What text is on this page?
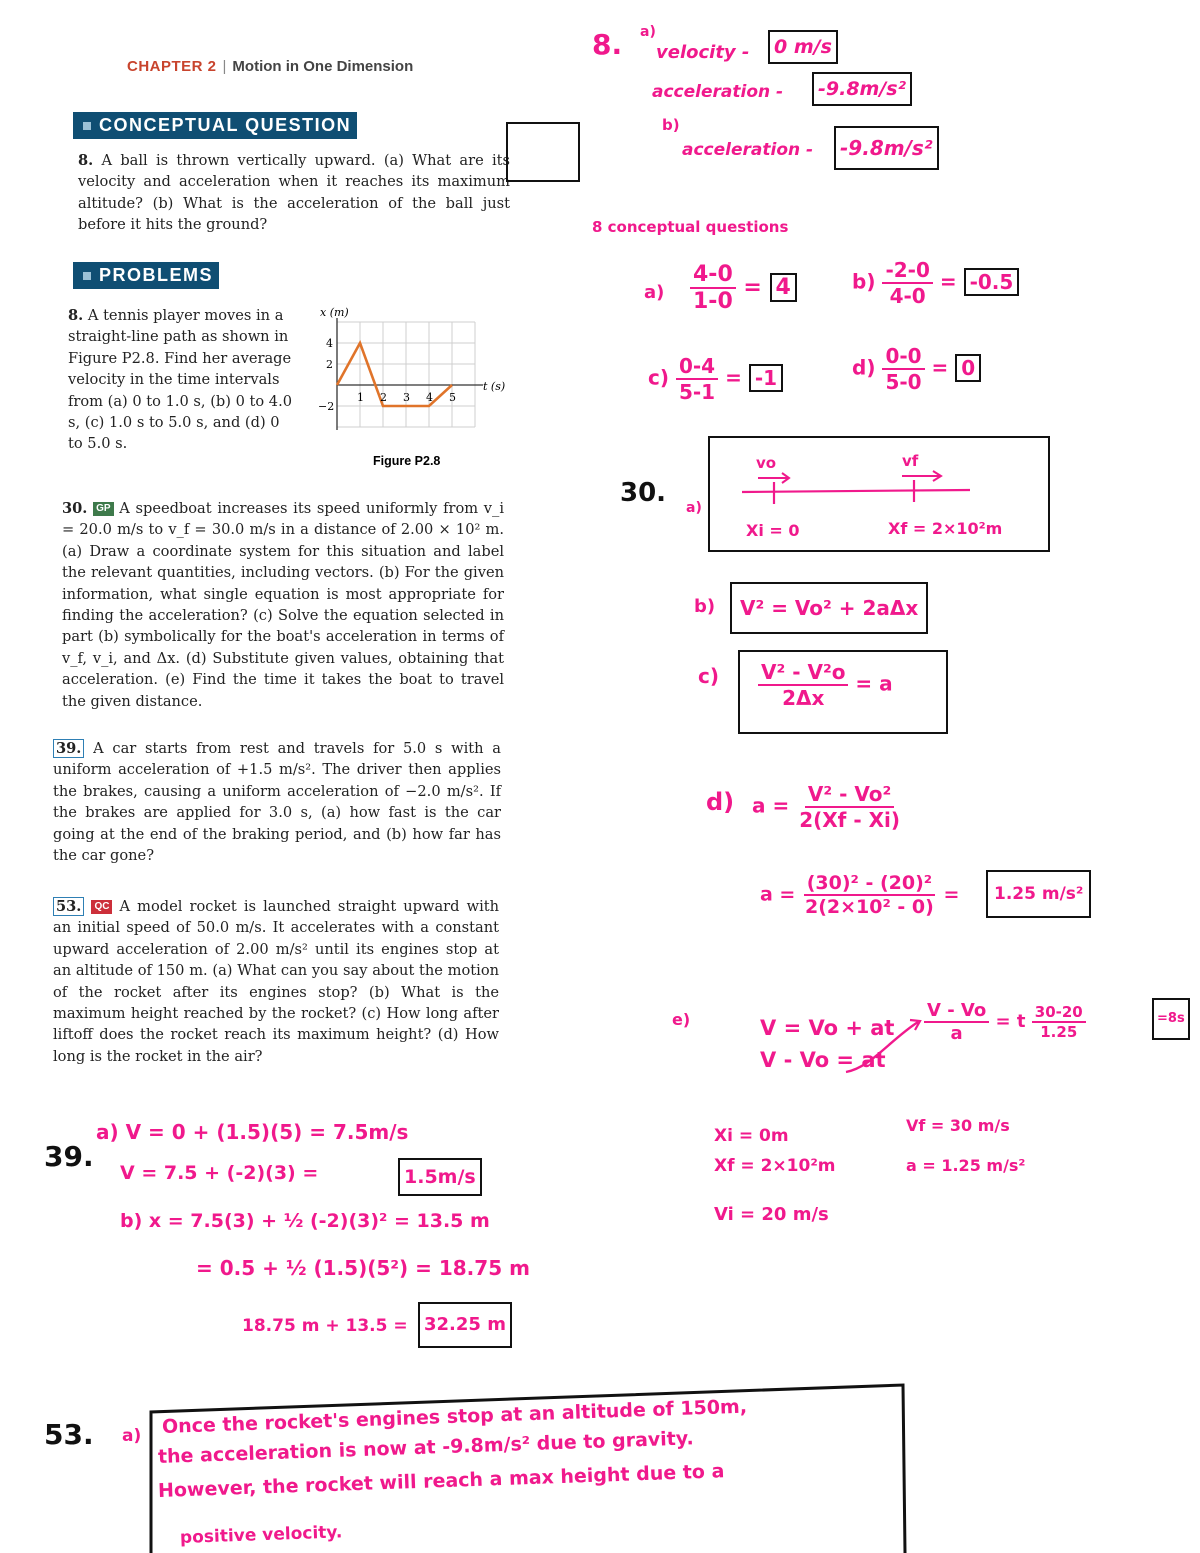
CHAPTER 2 | Motion in One Dimension
CONCEPTUAL QUESTION
8. A ball is thrown vertically upward. (a) What are its velocity and acceleration when it reaches its maximum altitude? (b) What is the acceleration of the ball just before it hits the ground?
PROBLEMS
8. A tennis player moves in a straight-line path as shown in Figure P2.8. Find her average velocity in the time intervals from (a) 0 to 1.0 s, (b) 0 to 4.0 s, (c) 1.0 s to 5.0 s, and (d) 0 to 5.0 s.
x (m)
t (s)
4
2
−2
1 2 3 4 5
Figure P2.8
30. GP A speedboat increases its speed uniformly from v_i = 20.0 m/s to v_f = 30.0 m/s in a distance of 2.00 × 10² m. (a) Draw a coordinate system for this situation and label the relevant quantities, including vectors. (b) For the given information, what single equation is most appropriate for finding the acceleration? (c) Solve the equation selected in part (b) symbolically for the boat's acceleration in terms of v_f, v_i, and Δx. (d) Substitute given values, obtaining that acceleration. (e) Find the time it takes the boat to travel the given distance.
39. A car starts from rest and travels for 5.0 s with a uniform acceleration of +1.5 m/s². The driver then applies the brakes, causing a uniform acceleration of −2.0 m/s². If the brakes are applied for 3.0 s, (a) how fast is the car going at the end of the braking period, and (b) how far has the car gone?
53. QC A model rocket is launched straight upward with an initial speed of 50.0 m/s. It accelerates with a constant upward acceleration of 2.00 m/s² until its engines stop at an altitude of 150 m. (a) What can you say about the motion of the rocket after its engines stop? (b) What is the maximum height reached by the rocket? (c) How long after liftoff does the rocket reach its maximum height? (d) How long is the rocket in the air?
8. a)
velocity -	0 m/s
acceleration -	-9.8m/s²
b)
acceleration -	-9.8m/s²
8 conceptual questions
$a) \frac{4-0}{1-0} = 4$	$b) \frac{-2-0}{4-0} = -0.5$
$c) \frac{0-4}{5-1} = -1$	$d) \frac{0-0}{5-0} = 0$
30. a)
vo	vf
Xi = 0	Xf = 2×10²m
b)	V² = Vo² + 2aΔx
$c) \frac{\text{V² - V²o}}{2\Delta x} = a$
d) $a = \frac{\text{V² - Vo²}}{2(Xf - Xi)}$
$a = \frac{\text{(30)² - (20)²}}{\text{2(2×10² - 0)}}$ =	1.25 m/s²
e)	V = Vo + at
V - Vo = at
$\frac{V - Vo}{a} = t \frac{30-20}{1.25}$	=8s
Xi = 0m
Xf = 2×10²m
Vi = 20 m/s
Vf = 30 m/s
a = 1.25 m/s²
39.
a) V = 0 + (1.5)(5) = 7.5m/s
V = 7.5 + (-2)(3) =	1.5m/s
b) x = 7.5(3) + ½ (-2)(3)² = 13.5 m
= 0.5 + ½ (1.5)(5²) = 18.75 m
18.75 m + 13.5 = 32.25 m
53. a) Once the rocket's engines stop at an altitude of 150m,
the acceleration is now at -9.8m/s² due to gravity.
However, the rocket will reach a max height due to a
positive velocity.
